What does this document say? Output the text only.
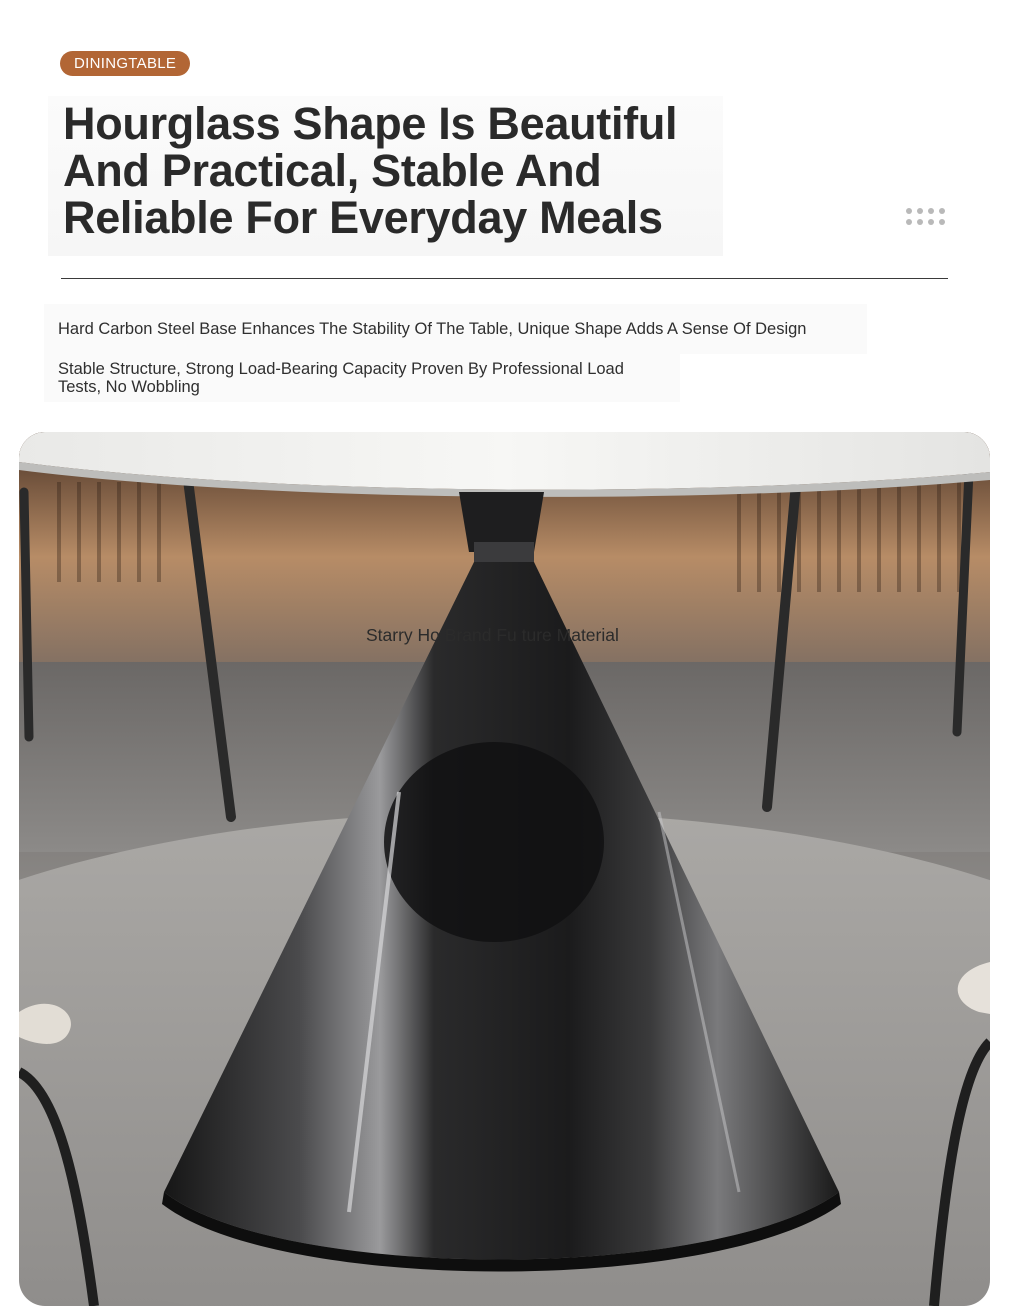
DININGTABLE
Hourglass Shape Is Beautiful And Practical, Stable And Reliable For Everyday Meals

Hard Carbon Steel Base Enhances The Stability Of The Table, Unique Shape Adds A Sense Of Design

Stable Structure, Strong Load-Bearing Capacity Proven By Professional Load Tests, No Wobbling

Starry Ho Brand Fu ture Material
